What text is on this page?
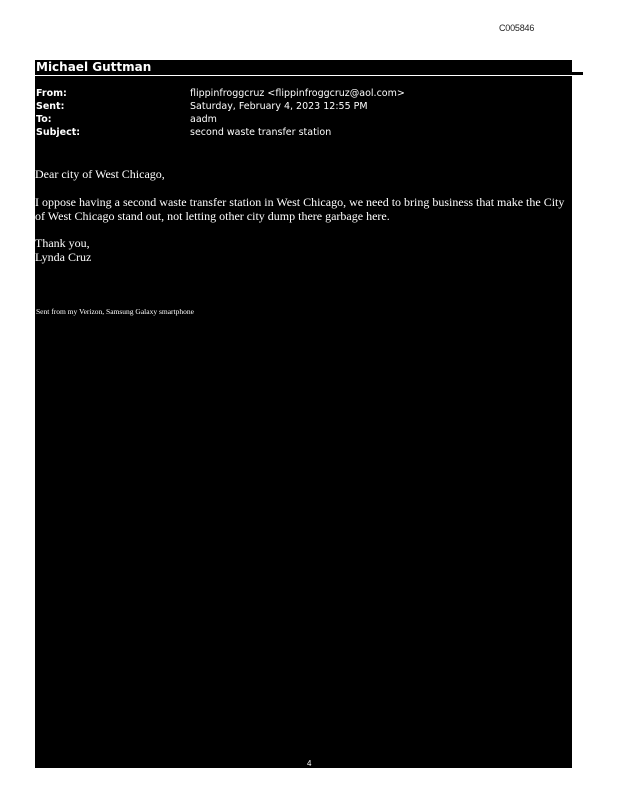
C005846
Michael Guttman
From:	flippinfroggcruz <flippinfroggcruz@aol.com>
Sent:	Saturday, February 4, 2023 12:55 PM
To:	aadm
Subject:	second waste transfer station
Dear city of West Chicago,
I oppose having a second waste transfer station in West Chicago, we need to bring business that make the City of West Chicago stand out, not letting other city dump there garbage here.
Thank you,
Lynda Cruz
Sent from my Verizon, Samsung Galaxy smartphone
4
